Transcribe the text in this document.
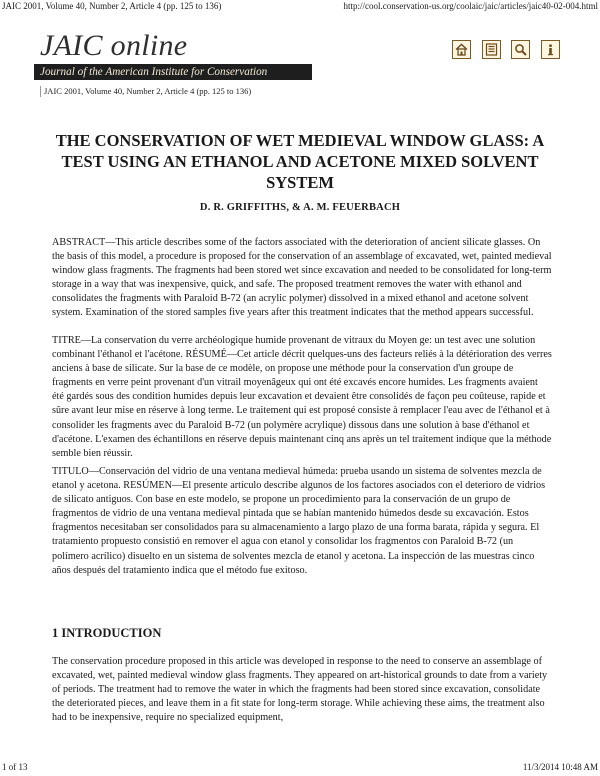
JAIC 2001, Volume 40, Number 2, Article 4 (pp. 125 to 136)	http://cool.conservation-us.org/coolaic/jaic/articles/jaic40-02-004.html
JAIC online
Journal of the American Institute for Conservation
JAIC 2001, Volume 40, Number 2, Article 4 (pp. 125 to 136)
THE CONSERVATION OF WET MEDIEVAL WINDOW GLASS: A TEST USING AN ETHANOL AND ACETONE MIXED SOLVENT SYSTEM
D. R. GRIFFITHS, & A. M. FEUERBACH

ABSTRACT—This article describes some of the factors associated with the deterioration of ancient silicate glasses. On the basis of this model, a procedure is proposed for the conservation of an assemblage of excavated, wet, painted medieval window glass fragments. The fragments had been stored wet since excavation and needed to be consolidated for long-term storage in a way that was inexpensive, quick, and safe. The proposed treatment removes the water with ethanol and consolidates the fragments with Paraloid B-72 (an acrylic polymer) dissolved in a mixed ethanol and acetone solvent system. Examination of the stored samples five years after this treatment indicates that the method appears successful.

TITRE—La conservation du verre archéologique humide provenant de vitraux du Moyen ge: un test avec une solution combinant l'éthanol et l'acétone. RÉSUMÉ—Cet article décrit quelques-uns des facteurs reliés à la détérioration des verres anciens à base de silicate. Sur la base de ce modèle, on propose une méthode pour la conservation d'un groupe de fragments en verre peint provenant d'un vitrail moyenâgeux qui ont été excavés encore humides. Les fragments avaient été gardés sous des condition humides depuis leur excavation et devaient être consolidés de façon peu coûteuse, rapide et sûre avant leur mise en réserve à long terme. Le traitement qui est proposé consiste à remplacer l'eau avec de l'éthanol et à consolider les fragments avec du Paraloid B-72 (un polymère acrylique) dissous dans une solution à base d'éthanol et d'acétone. L'examen des échantillons en réserve depuis maintenant cinq ans après un tel traitement indique que la méthode semble bien réussir.

TITULO—Conservación del vidrio de una ventana medieval húmeda: prueba usando un sistema de solventes mezcla de etanol y acetona. RESÚMEN—El presente artículo describe algunos de los factores asociados con el deterioro de vidrios de silicato antiguos. Con base en este modelo, se propone un procedimiento para la conservación de un grupo de fragmentos de vidrio de una ventana medieval pintada que se habían mantenido húmedos desde su excavación. Estos fragmentos necesitaban ser consolidados para su almacenamiento a largo plazo de una forma barata, rápida y segura. El tratamiento propuesto consistió en remover el agua con etanol y consolidar los fragmentos con Paraloid B-72 (un polímero acrílico) disuelto en un sistema de solventes mezcla de etanol y acetona. La inspección de las muestras cinco años después del tratamiento indica que el método fue exitoso.

1 INTRODUCTION

The conservation procedure proposed in this article was developed in response to the need to conserve an assemblage of excavated, wet, painted medieval window glass fragments. They appeared on art-historical grounds to date from a variety of periods. The treatment had to remove the water in which the fragments had been stored since excavation, consolidate the deteriorated pieces, and leave them in a fit state for long-term storage. While achieving these aims, the treatment also had to be inexpensive, require no specialized equipment,

1 of 13	11/3/2014 10:48 AM
